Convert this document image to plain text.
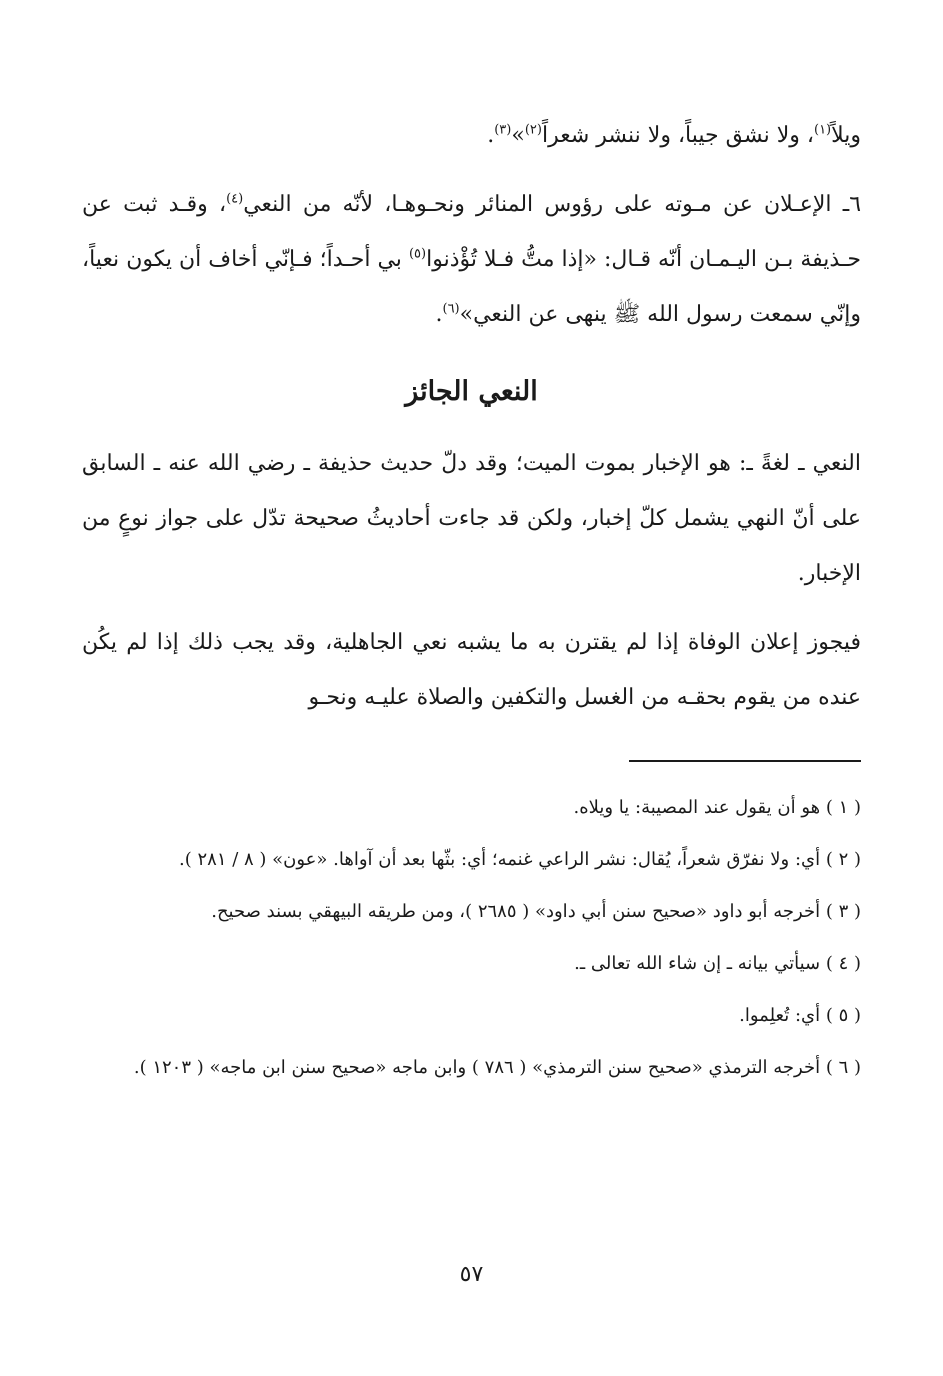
ويلاً$^{(١)}$، ولا نشق جيباً، ولا ننشر شعراً$^{(٢)}$»$^{(٣)}$.

٦ـ الإعـلان عن مـوته على رؤوس المنائر ونحـوهـا، لأنّه من النعي$^{(٤)}$، وقـد ثبت عن حـذيفة بـن اليـمـان أنّه قـال: «إذا متُّ فـلا تُؤْذنوا$^{(٥)}$ بي أحـداً؛ فـإنّي أخاف أن يكون نعياً، وإنّي سمعت رسول الله ﷺ ينهى عن النعي»$^{(٦)}$.

النعي الجائز

النعي ـ لغةً ـ: هو الإخبار بموت الميت؛ وقد دلّ حديث حذيفة ـ رضي الله عنه ـ السابق على أنّ النهي يشمل كلّ إخبار، ولكن قد جاءت أحاديثُ صحيحة تدّل على جواز نوعٍ من الإخبار.

فيجوز إعلان الوفاة إذا لم يقترن به ما يشبه نعي الجاهلية، وقد يجب ذلك إذا لم يكُن عنده من يقوم بحقـه من الغسل والتكفين والصلاة عليـه ونحـو

( ١ ) هو أن يقول عند المصيبة: يا ويلاه.

( ٢ ) أي: ولا نفرّق شعراً، يُقال: نشر الراعي غنمه؛ أي: بثّها بعد أن آواها. «عون» ( ٨ / ٢٨١ ).

( ٣ ) أخرجه أبو داود «صحيح سنن أبي داود» ( ٢٦٨٥ )، ومن طريقه البيهقي بسند صحيح.

( ٤ ) سيأتي بيانه ـ إن شاء الله تعالى ـ.

( ٥ ) أي: تُعلِموا.

( ٦ ) أخرجه الترمذي «صحيح سنن الترمذي» ( ٧٨٦ ) وابن ماجه «صحيح سنن ابن ماجه» ( ١٢٠٣ ).

٥٧
